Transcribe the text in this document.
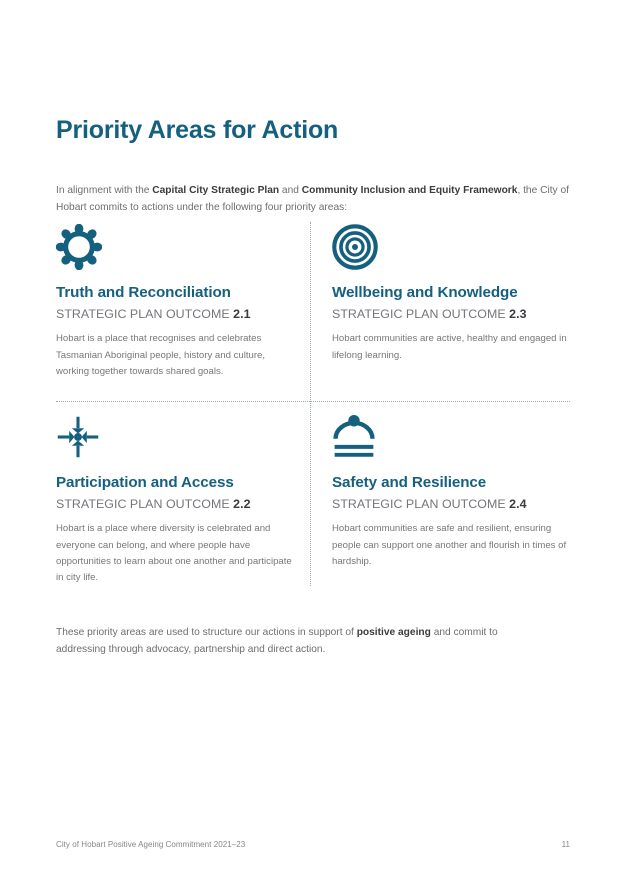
Priority Areas for Action

In alignment with the Capital City Strategic Plan and Community Inclusion and Equity Framework, the City of Hobart commits to actions under the following four priority areas:

Truth and Reconciliation
STRATEGIC PLAN OUTCOME 2.1

Hobart is a place that recognises and celebrates Tasmanian Aboriginal people, history and culture, working together towards shared goals.

Wellbeing and Knowledge
STRATEGIC PLAN OUTCOME 2.3

Hobart communities are active, healthy and engaged in lifelong learning.

Participation and Access
STRATEGIC PLAN OUTCOME 2.2

Hobart is a place where diversity is celebrated and everyone can belong, and where people have opportunities to learn about one another and participate in city life.

Safety and Resilience
STRATEGIC PLAN OUTCOME 2.4

Hobart communities are safe and resilient, ensuring people can support one another and flourish in times of hardship.

These priority areas are used to structure our actions in support of positive ageing and commit to addressing through advocacy, partnership and direct action.

City of Hobart Positive Ageing Commitment 2021–23	11
